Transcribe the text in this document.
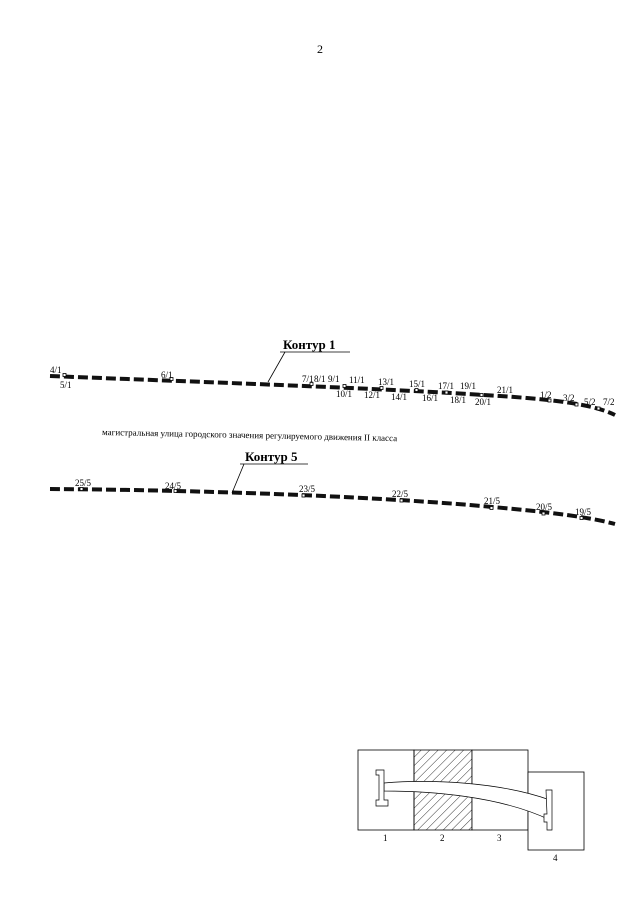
2
Контур 1
4/1
5/1
6/1	7/1 8/1 9/1
10/1
11/1
12/1
13/1
14/1
15/1
16/1
17/1
18/1
19/1
20/1
21/1	1/2 3/2 5/2 7/2
магистральная улица городского значения регулируемого движения II класса
Контур 5
25/5	24/5	23/5	22/5
21/5
20/5	19/5
1	2	3
4
